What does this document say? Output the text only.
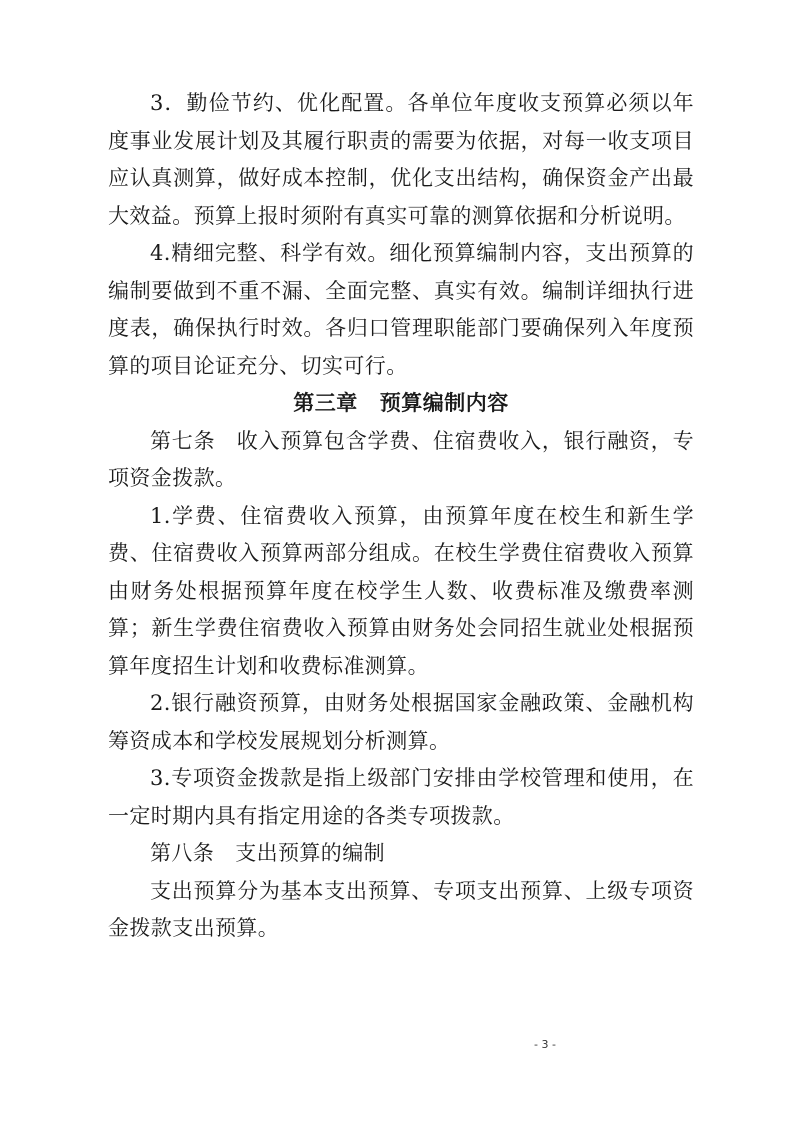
3．勤俭节约、优化配置。各单位年度收支预算必须以年度事业发展计划及其履行职责的需要为依据，对每一收支项目应认真测算，做好成本控制，优化支出结构，确保资金产出最大效益。预算上报时须附有真实可靠的测算依据和分析说明。

4.精细完整、科学有效。细化预算编制内容，支出预算的编制要做到不重不漏、全面完整、真实有效。编制详细执行进度表，确保执行时效。各归口管理职能部门要确保列入年度预算的项目论证充分、切实可行。

第三章 预算编制内容

第七条 收入预算包含学费、住宿费收入，银行融资，专项资金拨款。

1.学费、住宿费收入预算，由预算年度在校生和新生学费、住宿费收入预算两部分组成。在校生学费住宿费收入预算由财务处根据预算年度在校学生人数、收费标准及缴费率测算；新生学费住宿费收入预算由财务处会同招生就业处根据预算年度招生计划和收费标准测算。

2.银行融资预算，由财务处根据国家金融政策、金融机构筹资成本和学校发展规划分析测算。

3.专项资金拨款是指上级部门安排由学校管理和使用，在一定时期内具有指定用途的各类专项拨款。

第八条 支出预算的编制

支出预算分为基本支出预算、专项支出预算、上级专项资金拨款支出预算。

- 3 -
